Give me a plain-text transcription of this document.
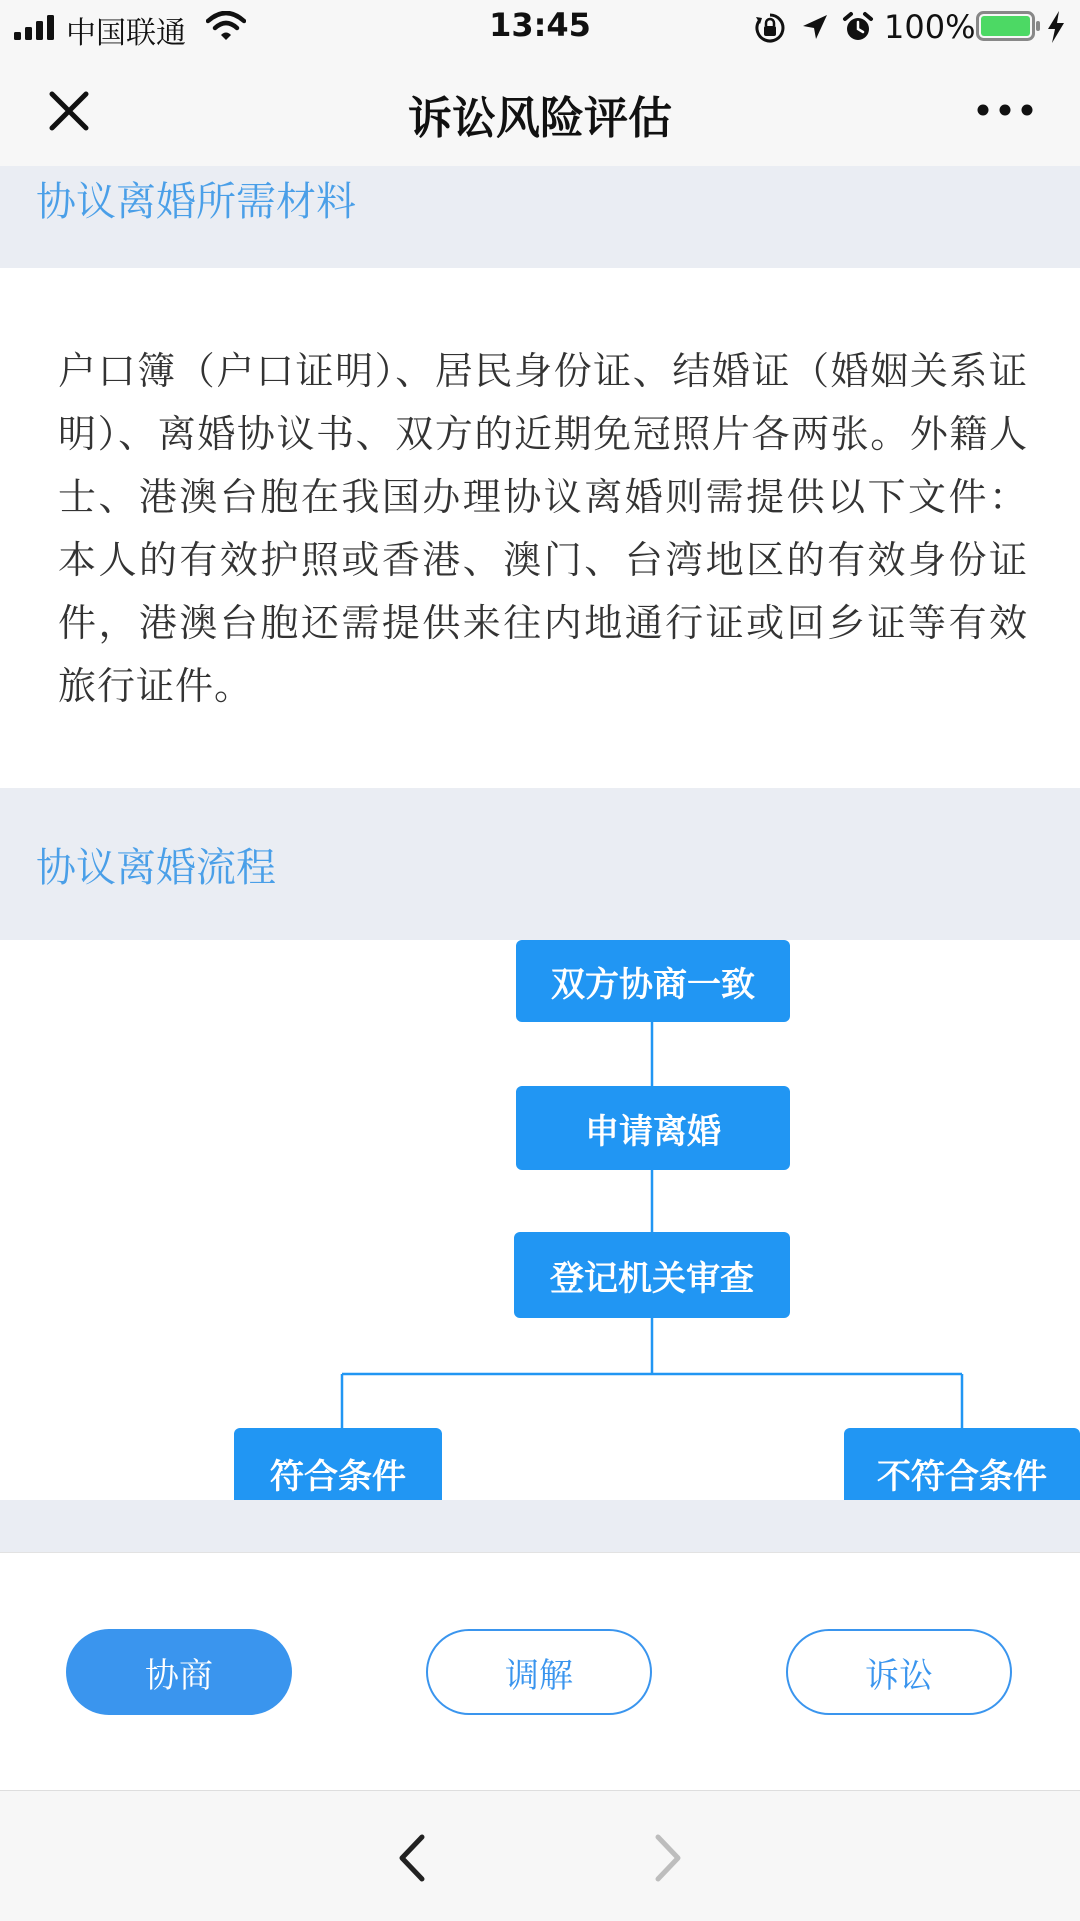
中国联通	13:45	100%
诉讼风险评估
协议离婚所需材料
户口簿（户口证明）、居民身份证、结婚证（婚姻关系证明）、离婚协议书、双方的近期免冠照片各两张。外籍人士、港澳台胞在我国办理协议离婚则需提供以下文件：本人的有效护照或香港、澳门、台湾地区的有效身份证件，港澳台胞还需提供来往内地通行证或回乡证等有效旅行证件。
协议离婚流程
双方协商一致
申请离婚
登记机关审查
符合条件	不符合条件
协商	调解	诉讼
